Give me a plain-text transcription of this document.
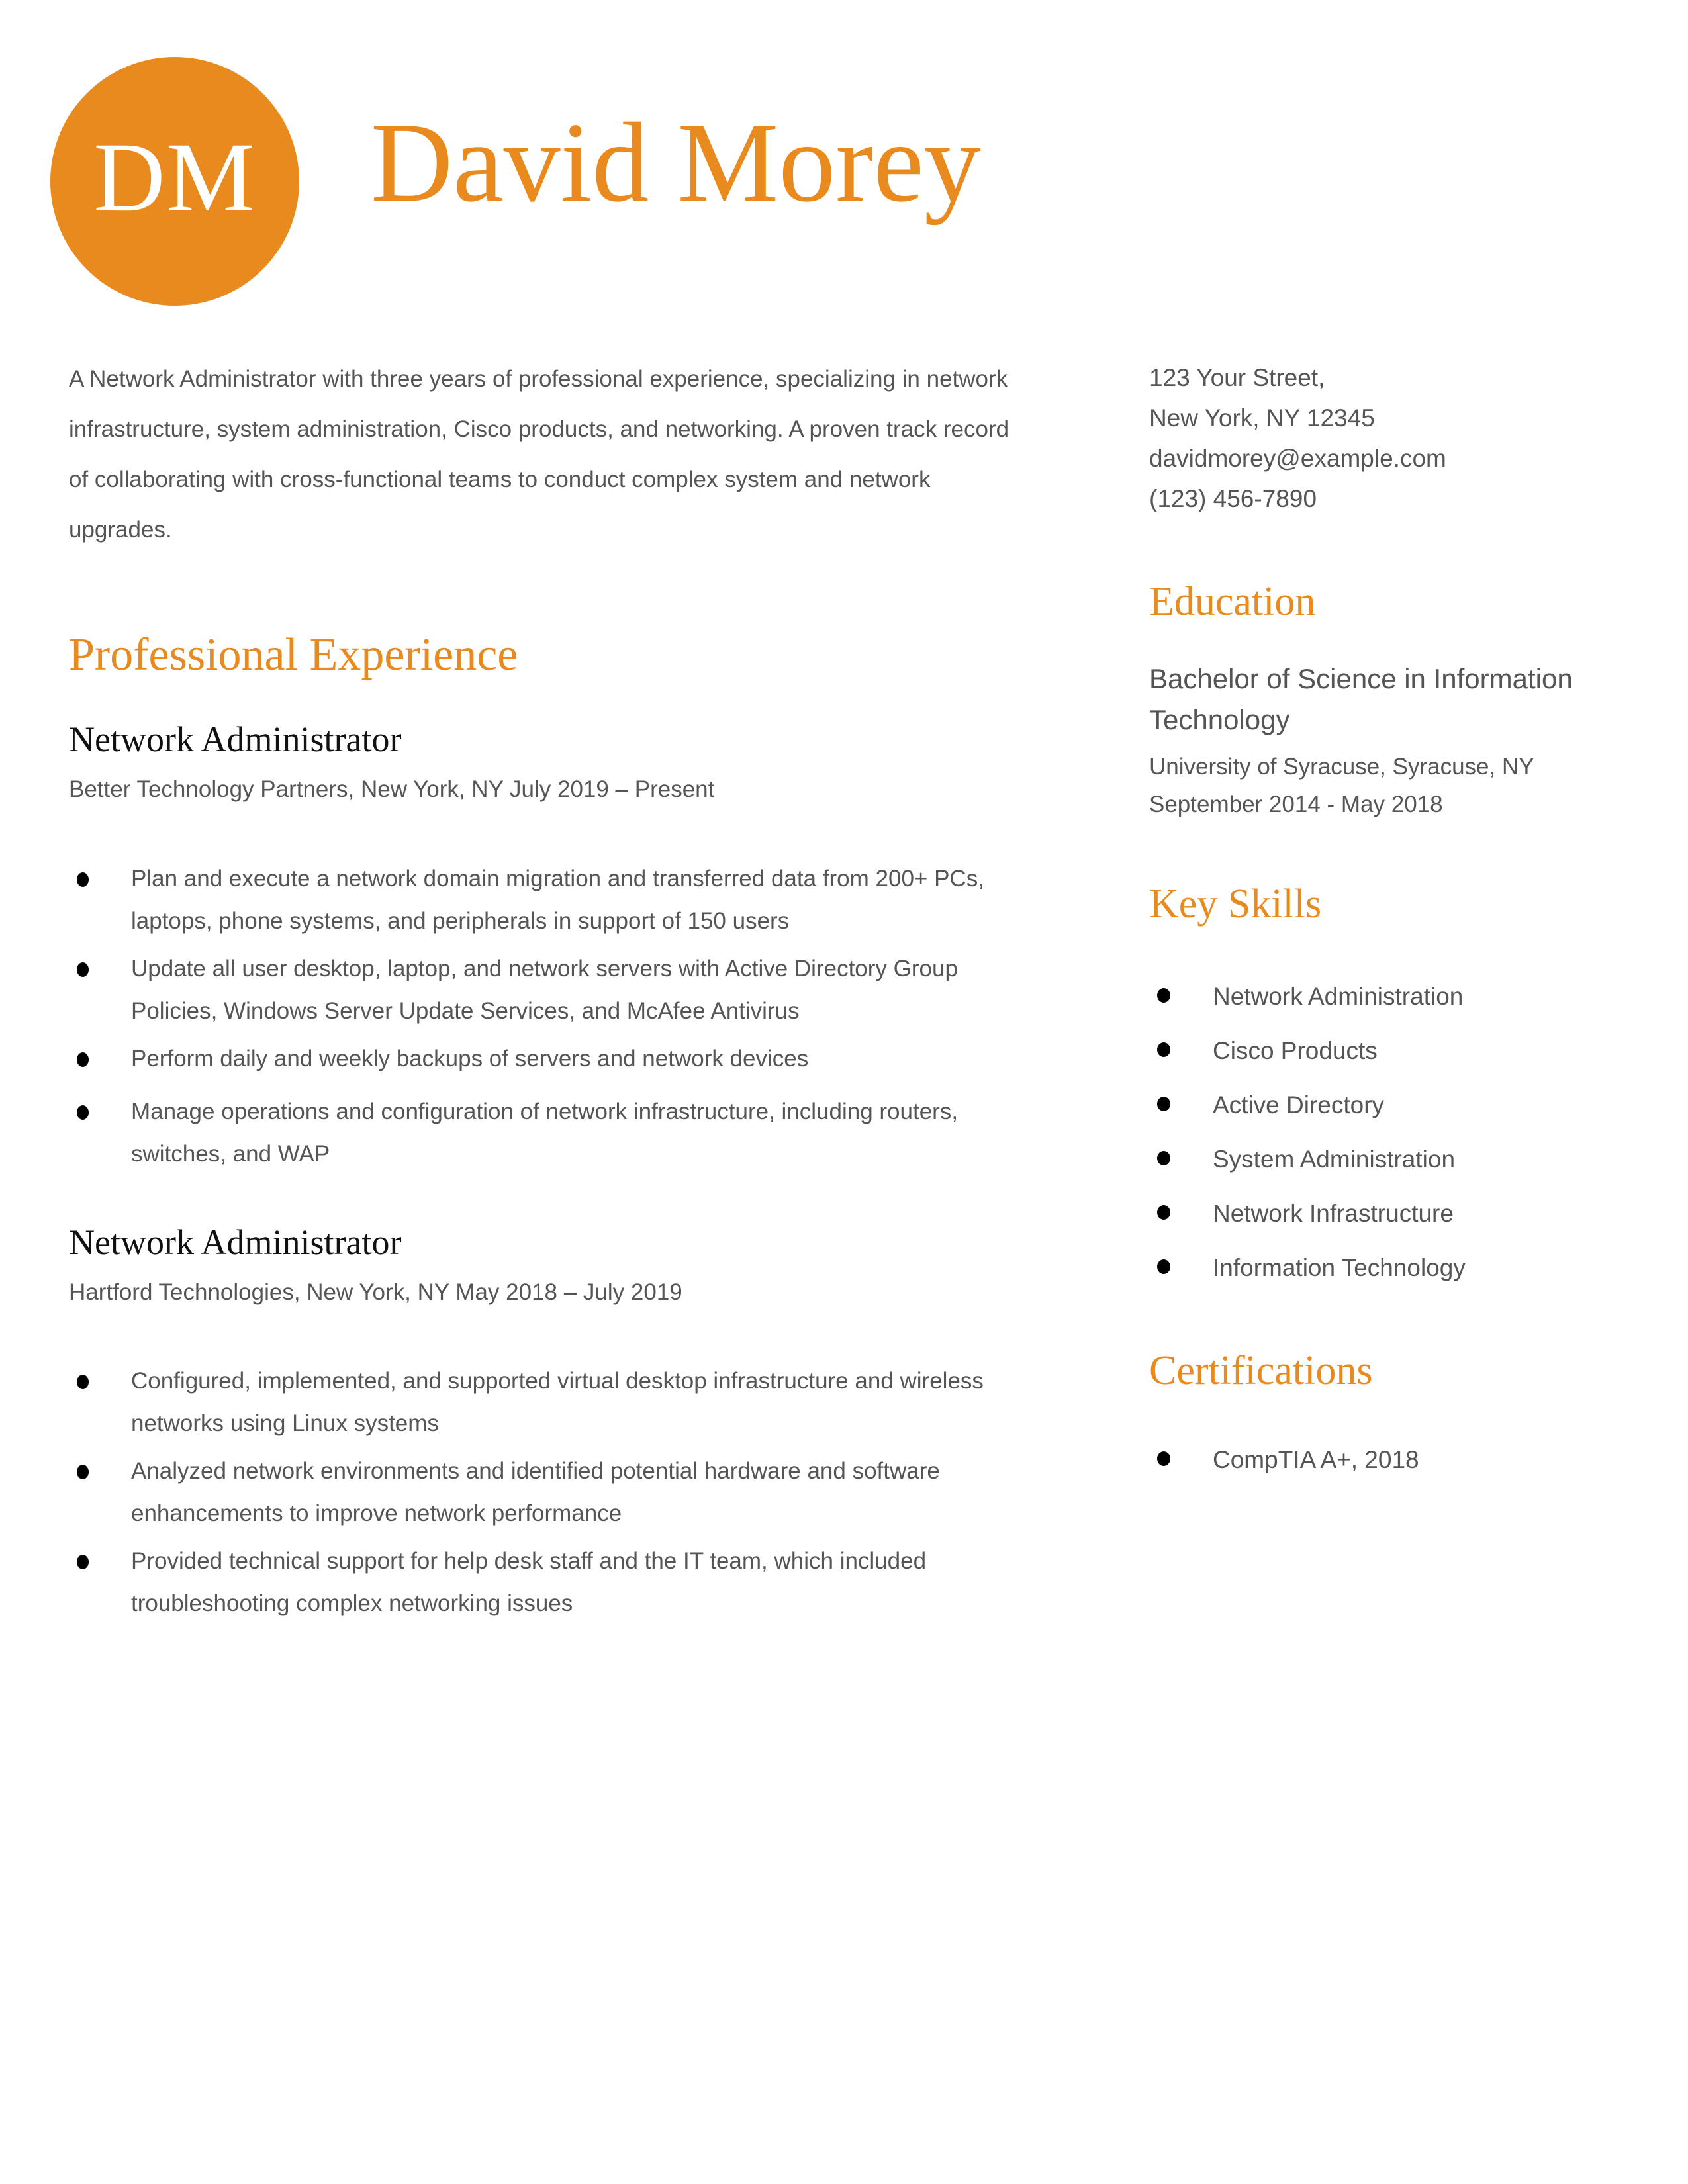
DM David Morey

A Network Administrator with three years of professional experience, specializing in network infrastructure, system administration, Cisco products, and networking. A proven track record of collaborating with cross-functional teams to conduct complex system and network upgrades.

Professional Experience
Network Administrator

Better Technology Partners, New York, NY July 2019 – Present

Plan and execute a network domain migration and transferred data from 200+ PCs, laptops, phone systems, and peripherals in support of 150 users
Update all user desktop, laptop, and network servers with Active Directory Group Policies, Windows Server Update Services, and McAfee Antivirus
Perform daily and weekly backups of servers and network devices
Manage operations and configuration of network infrastructure, including routers, switches, and WAP
Network Administrator

Hartford Technologies, New York, NY May 2018 – July 2019

Configured, implemented, and supported virtual desktop infrastructure and wireless networks using Linux systems
Analyzed network environments and identified potential hardware and software enhancements to improve network performance
Provided technical support for help desk staff and the IT team, which included troubleshooting complex networking issues
123 Your Street,
New York, NY 12345
davidmorey@example.com
(123) 456-7890
Education
Bachelor of Science in Information Technology
University of Syracuse, Syracuse, NY
September 2014 - May 2018
Key Skills
Network Administration
Cisco Products
Active Directory
System Administration
Network Infrastructure
Information Technology
Certifications
CompTIA A+, 2018
